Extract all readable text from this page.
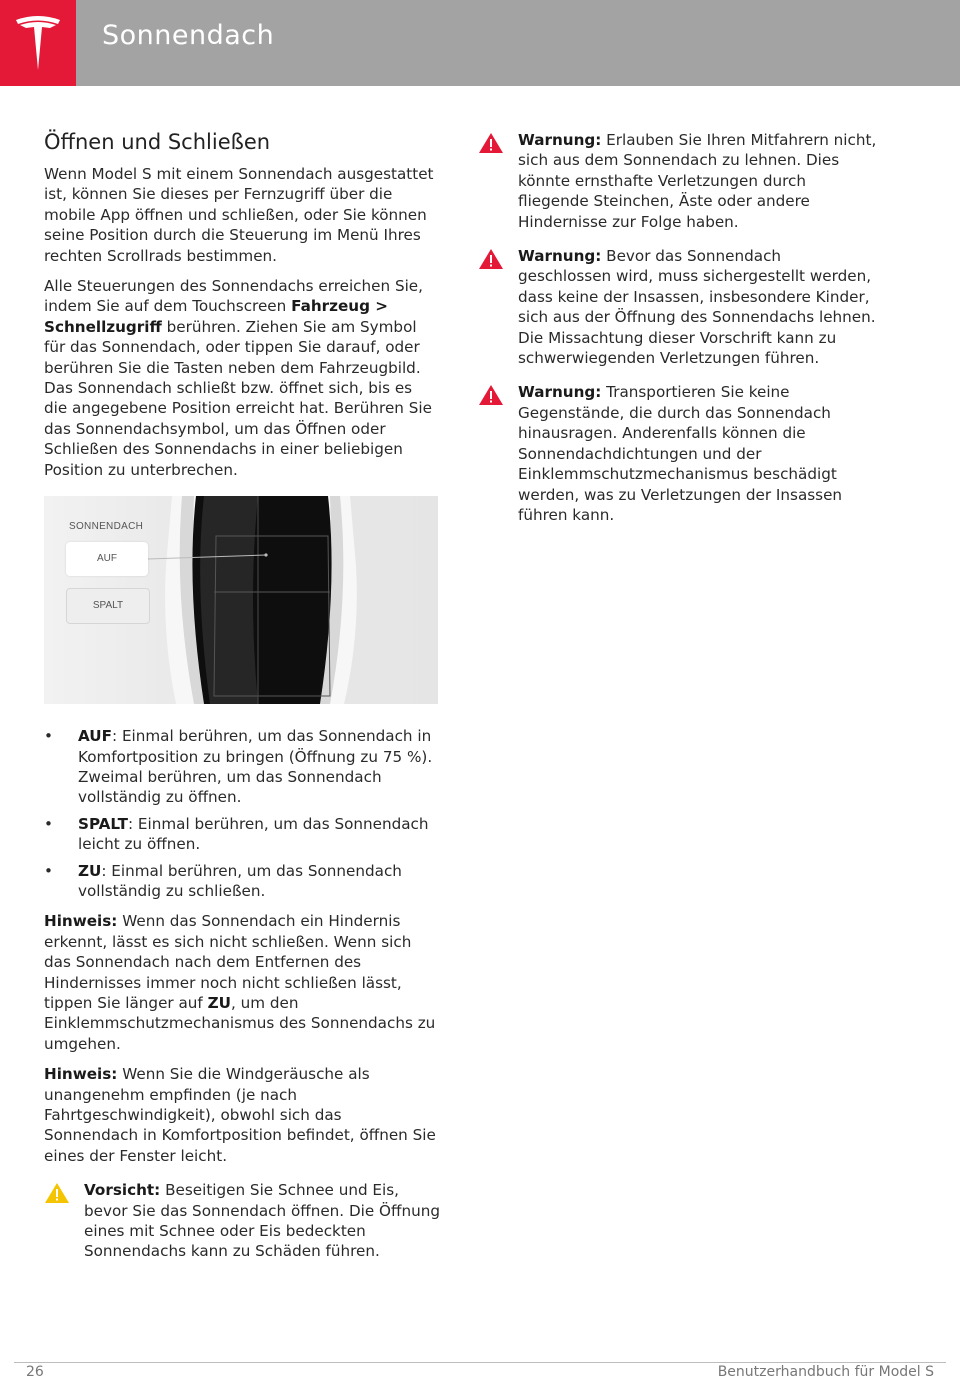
Sonnendach
Öffnen und Schließen

Wenn Model S mit einem Sonnendach ausgestattet ist, können Sie dieses per Fernzugriff über die mobile App öffnen und schließen, oder Sie können seine Position durch die Steuerung im Menü Ihres rechten Scrollrads bestimmen.

Alle Steuerungen des Sonnendachs erreichen Sie, indem Sie auf dem Touchscreen Fahrzeug > Schnellzugriff berühren. Ziehen Sie am Symbol für das Sonnendach, oder tippen Sie darauf, oder berühren Sie die Tasten neben dem Fahrzeugbild. Das Sonnendach schließt bzw. öffnet sich, bis es die angegebene Position erreicht hat. Berühren Sie das Sonnendachsymbol, um das Öffnen oder Schließen des Sonnendachs in einer beliebigen Position zu unterbrechen.

SONNENDACH
AUF
SPALT
• AUF: Einmal berühren, um das Sonnendach in Komfortposition zu bringen (Öffnung zu 75 %). Zweimal berühren, um das Sonnendach vollständig zu öffnen.
• SPALT: Einmal berühren, um das Sonnendach leicht zu öffnen.
• ZU: Einmal berühren, um das Sonnendach vollständig zu schließen.

Hinweis: Wenn das Sonnendach ein Hindernis erkennt, lässt es sich nicht schließen. Wenn sich das Sonnendach nach dem Entfernen des Hindernisses immer noch nicht schließen lässt, tippen Sie länger auf ZU, um den Einklemmschutzmechanismus des Sonnendachs zu umgehen.

Hinweis: Wenn Sie die Windgeräusche als unangenehm empfinden (je nach Fahrtgeschwindigkeit), obwohl sich das Sonnendach in Komfortposition befindet, öffnen Sie eines der Fenster leicht.

Vorsicht: Beseitigen Sie Schnee und Eis, bevor Sie das Sonnendach öffnen. Die Öffnung eines mit Schnee oder Eis bedeckten Sonnendachs kann zu Schäden führen.
Warnung: Erlauben Sie Ihren Mitfahrern nicht, sich aus dem Sonnendach zu lehnen. Dies könnte ernsthafte Verletzungen durch fliegende Steinchen, Äste oder andere Hindernisse zur Folge haben.
Warnung: Bevor das Sonnendach geschlossen wird, muss sichergestellt werden, dass keine der Insassen, insbesondere Kinder, sich aus der Öffnung des Sonnendachs lehnen. Die Missachtung dieser Vorschrift kann zu schwerwiegenden Verletzungen führen.
Warnung: Transportieren Sie keine Gegenstände, die durch das Sonnendach hinausragen. Anderenfalls können die Sonnendachdichtungen und der Einklemmschutzmechanismus beschädigt werden, was zu Verletzungen der Insassen führen kann.
26	Benutzerhandbuch für Model S
